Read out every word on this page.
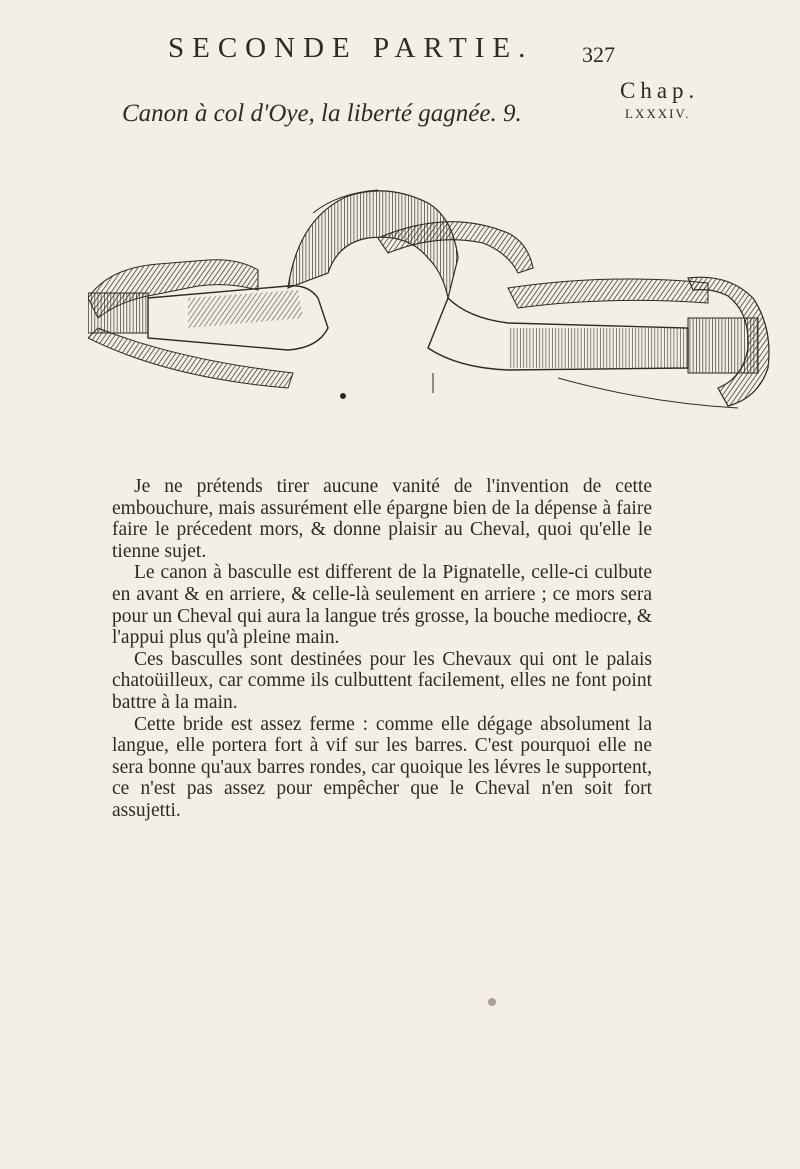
SECONDE PARTIE. 327
Chap.
LXXXIV.
Canon à col d'Oye, la liberté gagnée. 9.

Je ne prétends tirer aucune vanité de l'invention de cette embouchure, mais assurément elle épargne bien de la dépense à faire faire le précedent mors, & donne plaisir au Cheval, quoi qu'elle le tienne sujet.

Le canon à basculle est different de la Pignatelle, celle-ci culbute en avant & en arriere, & celle-là seulement en arriere ; ce mors sera pour un Cheval qui aura la langue trés grosse, la bouche mediocre, & l'appui plus qu'à pleine main.

Ces basculles sont destinées pour les Chevaux qui ont le palais chatoüilleux, car comme ils culbuttent facilement, elles ne font point battre à la main.

Cette bride est assez ferme : comme elle dégage absolument la langue, elle portera fort à vif sur les barres. C'est pourquoi elle ne sera bonne qu'aux barres rondes, car quoique les lévres le supportent, ce n'est pas assez pour empêcher que le Cheval n'en soit fort assujetti.
